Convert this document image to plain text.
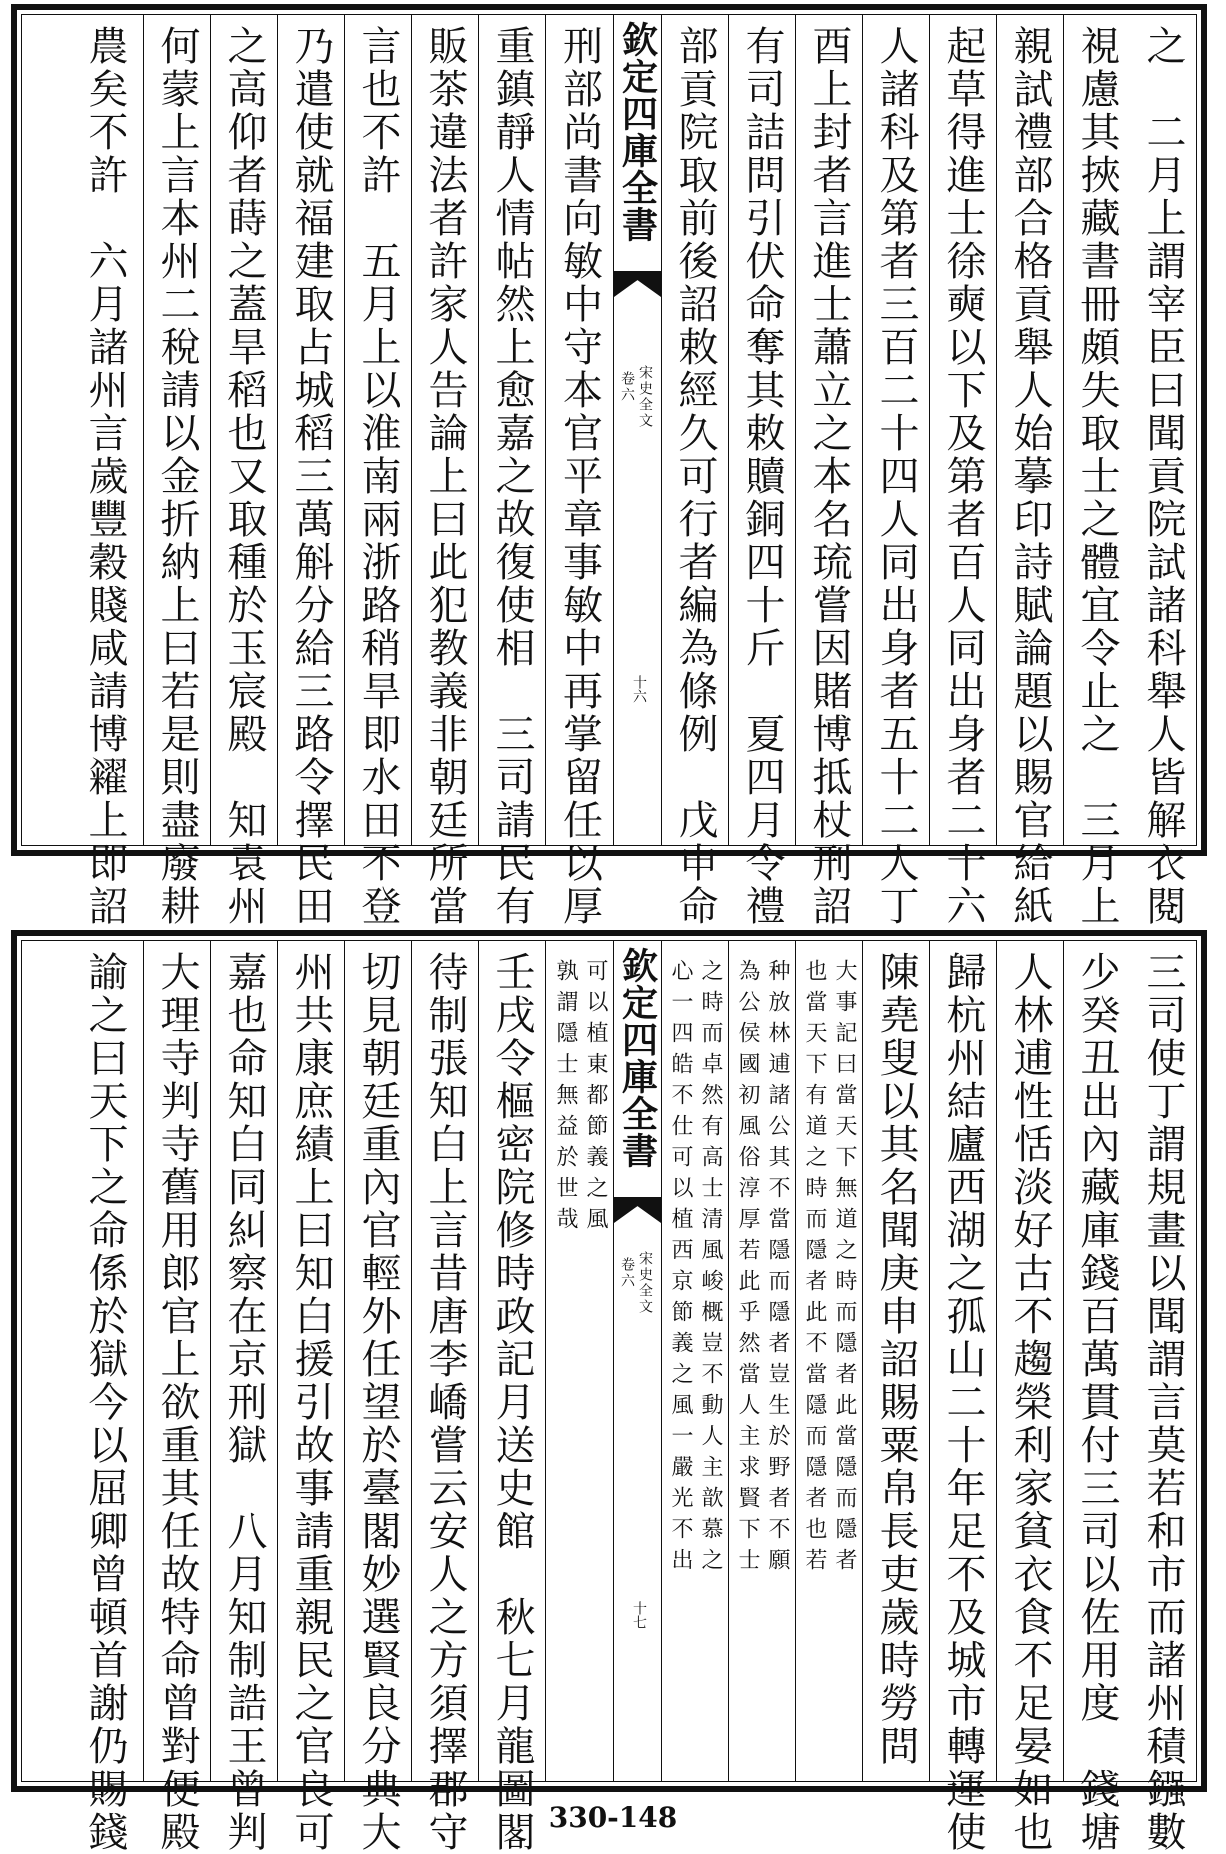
之　二月上謂宰臣曰聞貢院試諸科舉人皆解衣閱
視慮其挾藏書冊頗失取士之體宜令止之　三月上
親試禮部合格貢舉人始摹印詩賦論題以賜官給紙
起草得進士徐奭以下及第者百人同出身者二十六
人諸科及第者三百二十四人同出身者五十二人丁
酉上封者言進士蕭立之本名琉嘗因賭博抵杖刑詔
有司詰問引伏命奪其敕贖銅四十斤　夏四月令禮
部貢院取前後詔敕經久可行者編為條例　戊申命
欽定四庫全書
宋史全文
卷六
十六
刑部尚書向敏中守本官平章事敏中再掌留任以厚
重鎮靜人情帖然上愈嘉之故復使相　三司請民有
販茶違法者許家人告論上曰此犯教義非朝廷所當
言也不許　五月上以淮南兩浙路稍旱即水田不登
乃遣使就福建取占城稻三萬斛分給三路令擇民田
之高仰者蒔之蓋旱稻也又取種於玉宸殿　知袁州
何蒙上言本州二稅請以金折納上曰若是則盡廢耕
農矣不許　六月諸州言歲豐穀賤咸請博糴上即詔
三司使丁謂規畫以聞謂言莫若和市而諸州積鏹數
少癸丑出內藏庫錢百萬貫付三司以佐用度　錢塘
人林逋性恬淡好古不趨榮利家貧衣食不足晏如也
歸杭州結廬西湖之孤山二十年足不及城市轉運使
陳堯叟以其名聞庚申詔賜粟帛長吏歲時勞問
大事記曰當天下無道之時而隱者此當隱而隱者
也當天下有道之時而隱者此不當隱而隱者也若
种放林逋諸公其不當隱而隱者豈生於野者不願
為公侯國初風俗淳厚若此乎然當人主求賢下士
之時而卓然有高士清風峻概豈不動人主歆慕之
心一四皓不仕可以植西京節義之風一嚴光不出
欽定四庫全書
宋史全文
卷六
十七
可以植東都節義之風
孰謂隱士無益於世哉
壬戌令樞密院修時政記月送史館　秋七月龍圖閣
待制張知白上言昔唐李嶠嘗云安人之方須擇郡守
切見朝廷重內官輕外任望於臺閣妙選賢良分典大
州共康庶績上曰知白援引故事請重親民之官良可
嘉也命知白同糾察在京刑獄　八月知制誥王曾判
大理寺判寺舊用郎官上欲重其任故特命曾對便殿
諭之曰天下之命係於獄今以屈卿曾頓首謝仍賜錢	330-148
